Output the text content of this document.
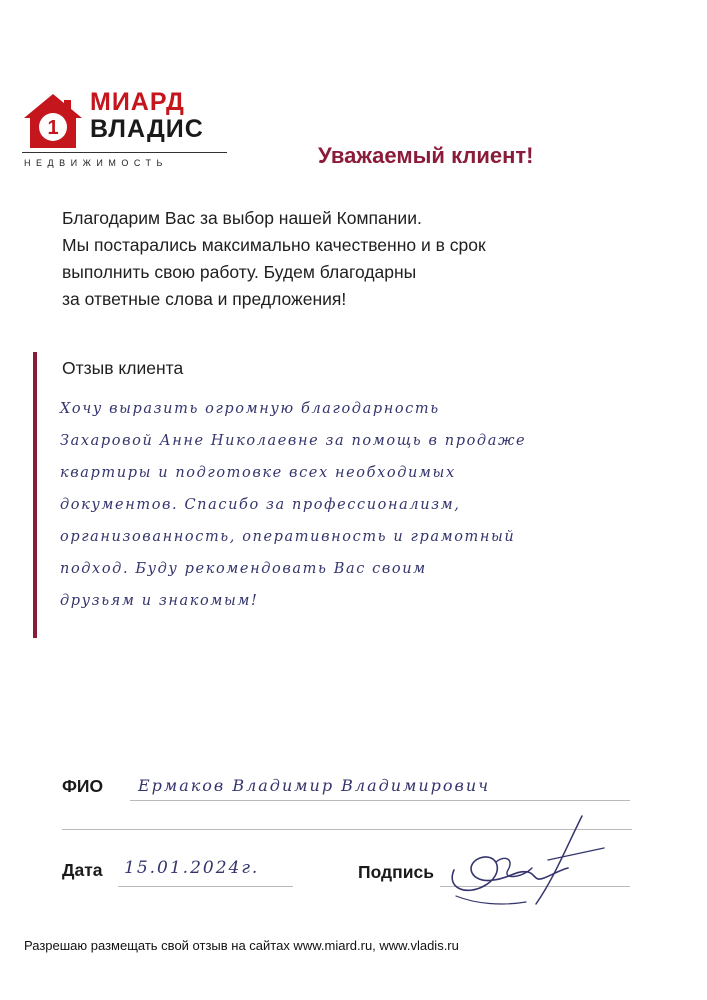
1
МИАРД
ВЛАДИС
НЕДВИЖИМОСТЬ	Уважаемый клиент!
Благодарим Вас за выбор нашей Компании.
Мы постарались максимально качественно и в срок
выполнить свою работу. Будем благодарны
за ответные слова и предложения!
Отзыв клиента
Хочу выразить огромную благодарность
Захаровой Анне Николаевне за помощь в продаже
квартиры и подготовке всех необходимых
документов. Спасибо за профессионализм,
организованность, оперативность и грамотный
подход. Буду рекомендовать Вас своим
друзьям и знакомым!
ФИО Ермаков Владимир Владимирович
Дата 15.01.2024г.	Подпись
Разрешаю размещать свой отзыв на сайтах www.miard.ru, www.vladis.ru
